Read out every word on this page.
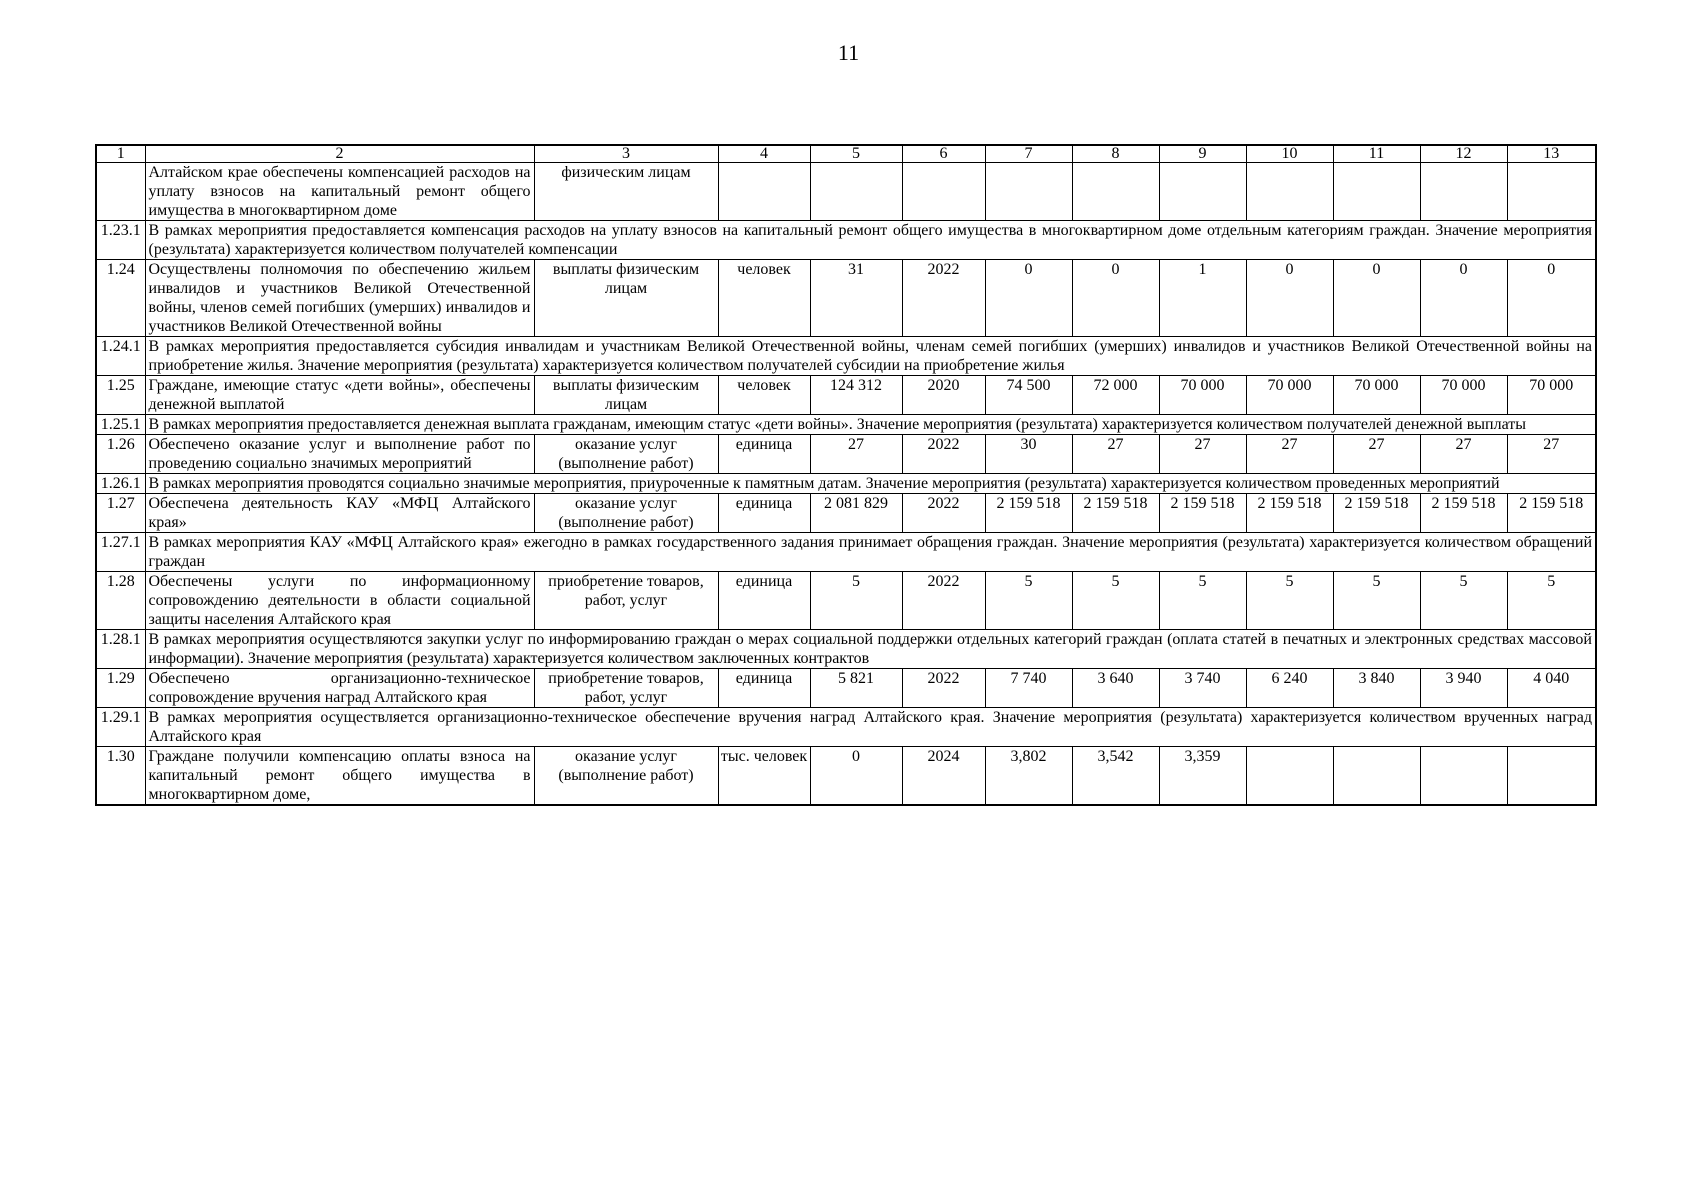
11
1	2	3	4	5	6	7	8	9	10	11	12	13
	Алтайском крае обеспечены компенсацией расходов на уплату взносов на капитальный ремонт общего имущества в многоквартирном доме	физическим лицам										
1.23.1	В рамках мероприятия предоставляется компенсация расходов на уплату взносов на капитальный ремонт общего имущества в многоквартирном доме отдельным категориям граждан. Значение мероприятия (результата) характеризуется количеством получателей компенсации											
1.24	Осуществлены полномочия по обеспечению жильем инвалидов и участников Великой Отечественной войны, членов семей погибших (умерших) инвалидов и участников Великой Отечественной войны	выплаты физическим лицам	человек	31	2022	0	0	1	0	0	0	0
1.24.1	В рамках мероприятия предоставляется субсидия инвалидам и участникам Великой Отечественной войны, членам семей погибших (умерших) инвалидов и участников Великой Отечественной войны на приобретение жилья. Значение мероприятия (результата) характеризуется количеством получателей субсидии на приобретение жилья											
1.25	Граждане, имеющие статус «дети войны», обеспечены денежной выплатой	выплаты физическим лицам	человек	124 312	2020	74 500	72 000	70 000	70 000	70 000	70 000	70 000
1.25.1	В рамках мероприятия предоставляется денежная выплата гражданам, имеющим статус «дети войны». Значение мероприятия (результата) характеризуется количеством получателей денежной выплаты											
1.26	Обеспечено оказание услуг и выполнение работ по проведению социально значимых мероприятий	оказание услуг (выполнение работ)	единица	27	2022	30	27	27	27	27	27	27
1.26.1	В рамках мероприятия проводятся социально значимые мероприятия, приуроченные к памятным датам. Значение мероприятия (результата) характеризуется количеством проведенных мероприятий											
1.27	Обеспечена деятельность КАУ «МФЦ Алтайского края»	оказание услуг (выполнение работ)	единица	2 081 829	2022	2 159 518	2 159 518	2 159 518	2 159 518	2 159 518	2 159 518	2 159 518
1.27.1	В рамках мероприятия КАУ «МФЦ Алтайского края» ежегодно в рамках государственного задания принимает обращения граждан. Значение мероприятия (результата) характеризуется количеством обращений граждан											
1.28	Обеспечены услуги по информационному сопровождению деятельности в области социальной защиты населения Алтайского края	приобретение товаров, работ, услуг	единица	5	2022	5	5	5	5	5	5	5
1.28.1	В рамках мероприятия осуществляются закупки услуг по информированию граждан о мерах социальной поддержки отдельных категорий граждан (оплата статей в печатных и электронных средствах массовой информации). Значение мероприятия (результата) характеризуется количеством заключенных контрактов											
1.29	Обеспечено организационно-техническое сопровождение вручения наград Алтайского края	приобретение товаров, работ, услуг	единица	5 821	2022	7 740	3 640	3 740	6 240	3 840	3 940	4 040
1.29.1	В рамках мероприятия осуществляется организационно-техническое обеспечение вручения наград Алтайского края. Значение мероприятия (результата) характеризуется количеством врученных наград Алтайского края											
1.30	Граждане получили компенсацию оплаты взноса на капитальный ремонт общего имущества в многоквартирном доме,	оказание услуг (выполнение работ)	тыс. человек	0	2024	3,802	3,542	3,359				
